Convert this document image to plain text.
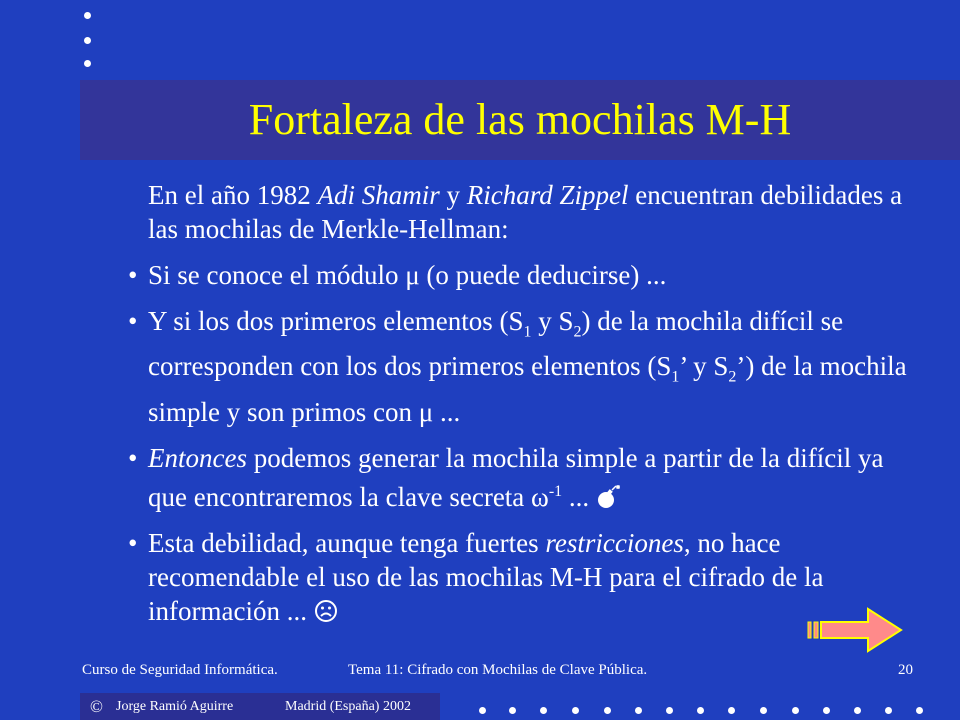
Fortaleza de las mochilas M-H

En el año 1982 Adi Shamir y Richard Zippel encuentran debilidades a las mochilas de Merkle-Hellman:

• Si se conoce el módulo μ (o puede deducirse) ...
• Y si los dos primeros elementos ($S_1$ y $S_2$) de la mochila difícil se corresponden con los dos primeros elementos ($S_1$’ y $S_2$’) de la mochila simple y son primos con μ ...
• Entonces podemos generar la mochila simple a partir de la difícil ya que encontraremos la clave secreta $\omega^{-1}$ ...
• Esta debilidad, aunque tenga fuertes restricciones, no hace recomendable el uso de las mochilas M-H para el cifrado de la información ...
Curso de Seguridad Informática.	Tema 11: Cifrado con Mochilas de Clave Pública.	20
© Jorge Ramió Aguirre	Madrid (España) 2002
